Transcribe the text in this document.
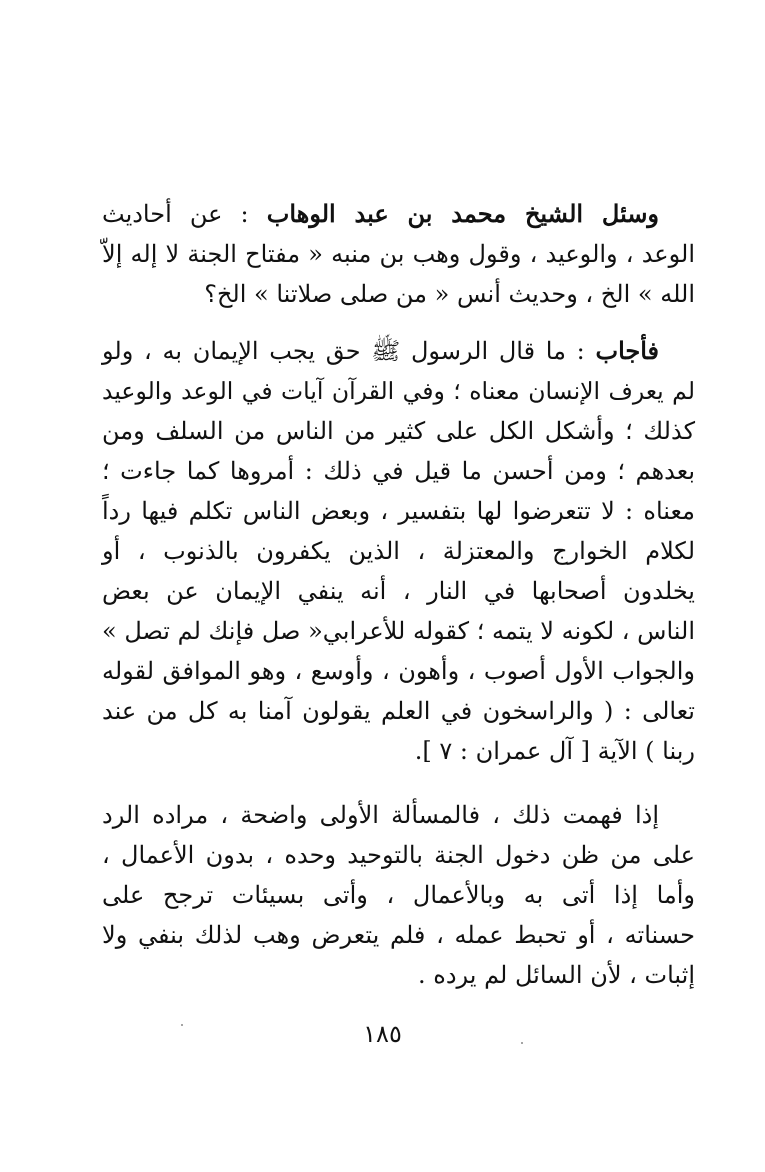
وسئل الشيخ محمد بن عبد الوهاب : عن أحاديث
الوعد ، والوعيد ، وقول وهب بن منبه « مفتاح الجنة لا إله إلاّ
الله » الخ ، وحديث أنس « من صلى صلاتنا » الخ؟
فأجاب : ما قال الرسول ﷺ حق يجب الإيمان به ، ولو
لم يعرف الإنسان معناه ؛ وفي القرآن آيات في الوعد والوعيد
كذلك ؛ وأشكل الكل على كثير من الناس من السلف ومن
بعدهم ؛ ومن أحسن ما قيل في ذلك : أمروها كما جاءت ؛
معناه : لا تتعرضوا لها بتفسير ، وبعض الناس تكلم فيها رداً
لكلام الخوارج والمعتزلة ، الذين يكفرون بالذنوب ، أو
يخلدون أصحابها في النار ، أنه ينفي الإيمان عن بعض
الناس ، لكونه لا يتمه ؛ كقوله للأعرابي« صل فإنك لم تصل »
والجواب الأول أصوب ، وأهون ، وأوسع ، وهو الموافق لقوله
تعالى : ( والراسخون في العلم يقولون آمنا به كل من عند
ربنا ) الآية [ آل عمران : ٧ ].
إذا فهمت ذلك ، فالمسألة الأولى واضحة ، مراده الرد
على من ظن دخول الجنة بالتوحيد وحده ، بدون الأعمال ،
وأما إذا أتى به وبالأعمال ، وأتى بسيئات ترجح على
حسناته ، أو تحبط عمله ، فلم يتعرض وهب لذلك بنفي ولا
إثبات ، لأن السائل لم يرده .
١٨٥
